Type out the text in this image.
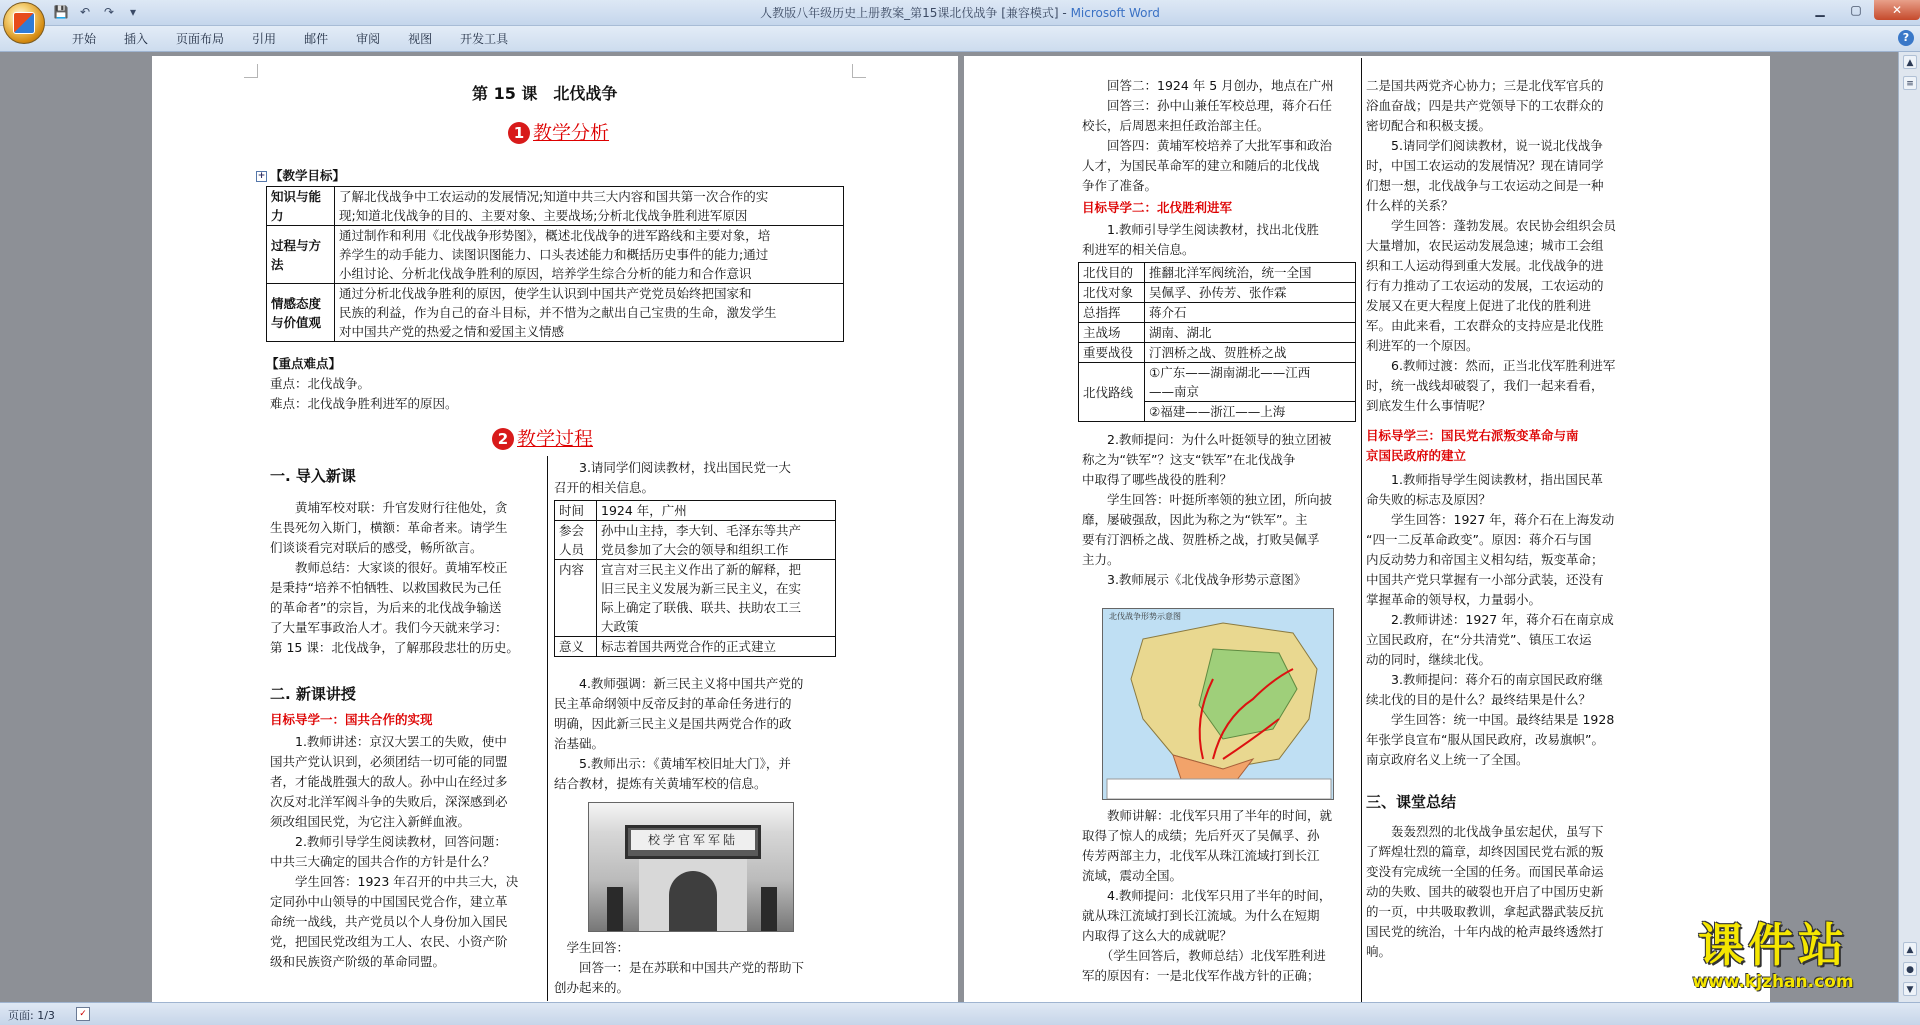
💾 ↶	↷	▾	人教版八年级历史上册教案_第15课北伐战争 [兼容模式] - Microsoft Word	▁	▢	✕
开始	插入	页面布局	引用	邮件	审阅	视图	开发工具	?
▲
≡
▲
●
▼
第 15 课　北伐战争
1 教学分析
+ 【教学目标】
知识与能力	了解北伐战争中工农运动的发展情况;知道中共三大内容和国共第一次合作的实
现;知道北伐战争的目的、主要对象、主要战场;分析北伐战争胜利进军原因

过程与方法	通过制作和利用《北伐战争形势图》，概述北伐战争的进军路线和主要对象，培
养学生的动手能力、读图识图能力、口头表述能力和概括历史事件的能力;通过
小组讨论、分析北伐战争胜利的原因，培养学生综合分析的能力和合作意识

情感态度与价值观	通过分析北伐战争胜利的原因，使学生认识到中国共产党党员始终把国家和
民族的利益，作为自己的奋斗目标，并不惜为之献出自己宝贵的生命，激发学生
对中国共产党的热爱之情和爱国主义情感
【重点难点】
重点：北伐战争。
难点：北伐战争胜利进军的原因。
2 教学过程
一. 导入新课
　　黄埔军校对联：升官发财行往他处，贪
生畏死勿入斯门，横额：革命者来。请学生
们谈谈看完对联后的感受，畅所欲言。
　　教师总结：大家谈的很好。黄埔军校正
是秉持“培养不怕牺牲、以救国救民为己任
的革命者”的宗旨，为后来的北伐战争输送
了大量军事政治人才。我们今天就来学习：
第 15 课：北伐战争，了解那段悲壮的历史。
二. 新课讲授
目标导学一：国共合作的实现
　　1.教师讲述：京汉大罢工的失败，使中
国共产党认识到，必须团结一切可能的同盟
者，才能战胜强大的敌人。孙中山在经过多
次反对北洋军阀斗争的失败后，深深感到必
须改组国民党，为它注入新鲜血液。
　　2.教师引导学生阅读教材，回答问题：
中共三大确定的国共合作的方针是什么？
　　学生回答：1923 年召开的中共三大，决
定同孙中山领导的中国国民党合作，建立革
命统一战线，共产党员以个人身份加入国民
党，把国民党改组为工人、农民、小资产阶
级和民族资产阶级的革命同盟。
　　3.请同学们阅读教材，找出国民党一大
召开的相关信息。
时间	1924 年，广州

参会人员	孙中山主持，李大钊、毛泽东等共产
党员参加了大会的领导和组织工作

内容	宣言对三民主义作出了新的解释，把
旧三民主义发展为新三民主义，在实
际上确定了联俄、联共、扶助农工三
大政策

意义	标志着国共两党合作的正式建立
　　4.教师强调：新三民主义将中国共产党的
民主革命纲领中反帝反封的革命任务进行的
明确，因此新三民主义是国共两党合作的政
治基础。
　　5.教师出示：《黄埔军校旧址大门》，并
结合教材，提炼有关黄埔军校的信息。
校学官军军陆
　学生回答：
　　回答一：是在苏联和中国共产党的帮助下
创办起来的。
　　回答二：1924 年 5 月创办，地点在广州
　　回答三：孙中山兼任军校总理，蒋介石任
校长，后周恩来担任政治部主任。
　　回答四：黄埔军校培养了大批军事和政治
人才，为国民革命军的建立和随后的北伐战
争作了准备。
目标导学二：北伐胜利进军
　　1.教师引导学生阅读教材，找出北伐胜
利进军的相关信息。
北伐目的	推翻北洋军阀统治，统一全国

北伐对象	吴佩孚、孙传芳、张作霖

总指挥	蒋介石

主战场	湖南、湖北

重要战役	汀泗桥之战、贺胜桥之战

北伐路线	①广东——湖南湖北——江西
——南京
②福建——浙江——上海
　　2.教师提问：为什么叶挺领导的独立团被
称之为“铁军”？这支“铁军”在北伐战争
中取得了哪些战役的胜利？
　　学生回答：叶挺所率领的独立团，所向披
靡，屡破强敌，因此为称之为“铁军”。主
要有汀泗桥之战、贺胜桥之战，打败吴佩孚
主力。
　　3.教师展示《北伐战争形势示意图》
北伐战争形势示意图
　　教师讲解：北伐军只用了半年的时间，就
取得了惊人的成绩；先后歼灭了吴佩孚、孙
传芳两部主力，北伐军从珠江流域打到长江
流域，震动全国。
　　4.教师提问：北伐军只用了半年的时间，
就从珠江流域打到长江流域。为什么在短期
内取得了这么大的成就呢？
　　（学生回答后，教师总结）北伐军胜利进
军的原因有：一是北伐军作战方针的正确；
二是国共两党齐心协力；三是北伐军官兵的
浴血奋战；四是共产党领导下的工农群众的
密切配合和积极支援。
　　5.请同学们阅读教材，说一说北伐战争
时，中国工农运动的发展情况？现在请同学
们想一想，北伐战争与工农运动之间是一种
什么样的关系？
　　学生回答：蓬勃发展。农民协会组织会员
大量增加，农民运动发展急速；城市工会组
织和工人运动得到重大发展。北伐战争的进
行有力推动了工农运动的发展，工农运动的
发展又在更大程度上促进了北伐的胜利进
军。由此来看，工农群众的支持应是北伐胜
利进军的一个原因。
　　6.教师过渡：然而，正当北伐军胜利进军
时，统一战线却破裂了，我们一起来看看，
到底发生什么事情呢？
目标导学三：国民党右派叛变革命与南
京国民政府的建立
　　1.教师指导学生阅读教材，指出国民革
命失败的标志及原因？
　　学生回答：1927 年，蒋介石在上海发动
“四一二反革命政变”。原因：蒋介石与国
内反动势力和帝国主义相勾结，叛变革命；
中国共产党只掌握有一小部分武装，还没有
掌握革命的领导权，力量弱小。
　　2.教师讲述：1927 年，蒋介石在南京成
立国民政府，在“分共清党”、镇压工农运
动的同时，继续北伐。
　　3.教师提问：蒋介石的南京国民政府继
续北伐的目的是什么？最终结果是什么？
　　学生回答：统一中国。最终结果是 1928
年张学良宣布“服从国民政府，改易旗帜”。
南京政府名义上统一了全国。
三、课堂总结
　　轰轰烈烈的北伐战争虽宏起伏，虽写下
了辉煌壮烈的篇章，却终因国民党右派的叛
变没有完成统一全国的任务。而国民革命运
动的失败、国共的破裂也开启了中国历史新
的一页，中共吸取教训，拿起武器武装反抗
国民党的统治，十年内战的枪声最终透然打
响。	课件站
www.kjzhan.com
页面: 1/3	✓
